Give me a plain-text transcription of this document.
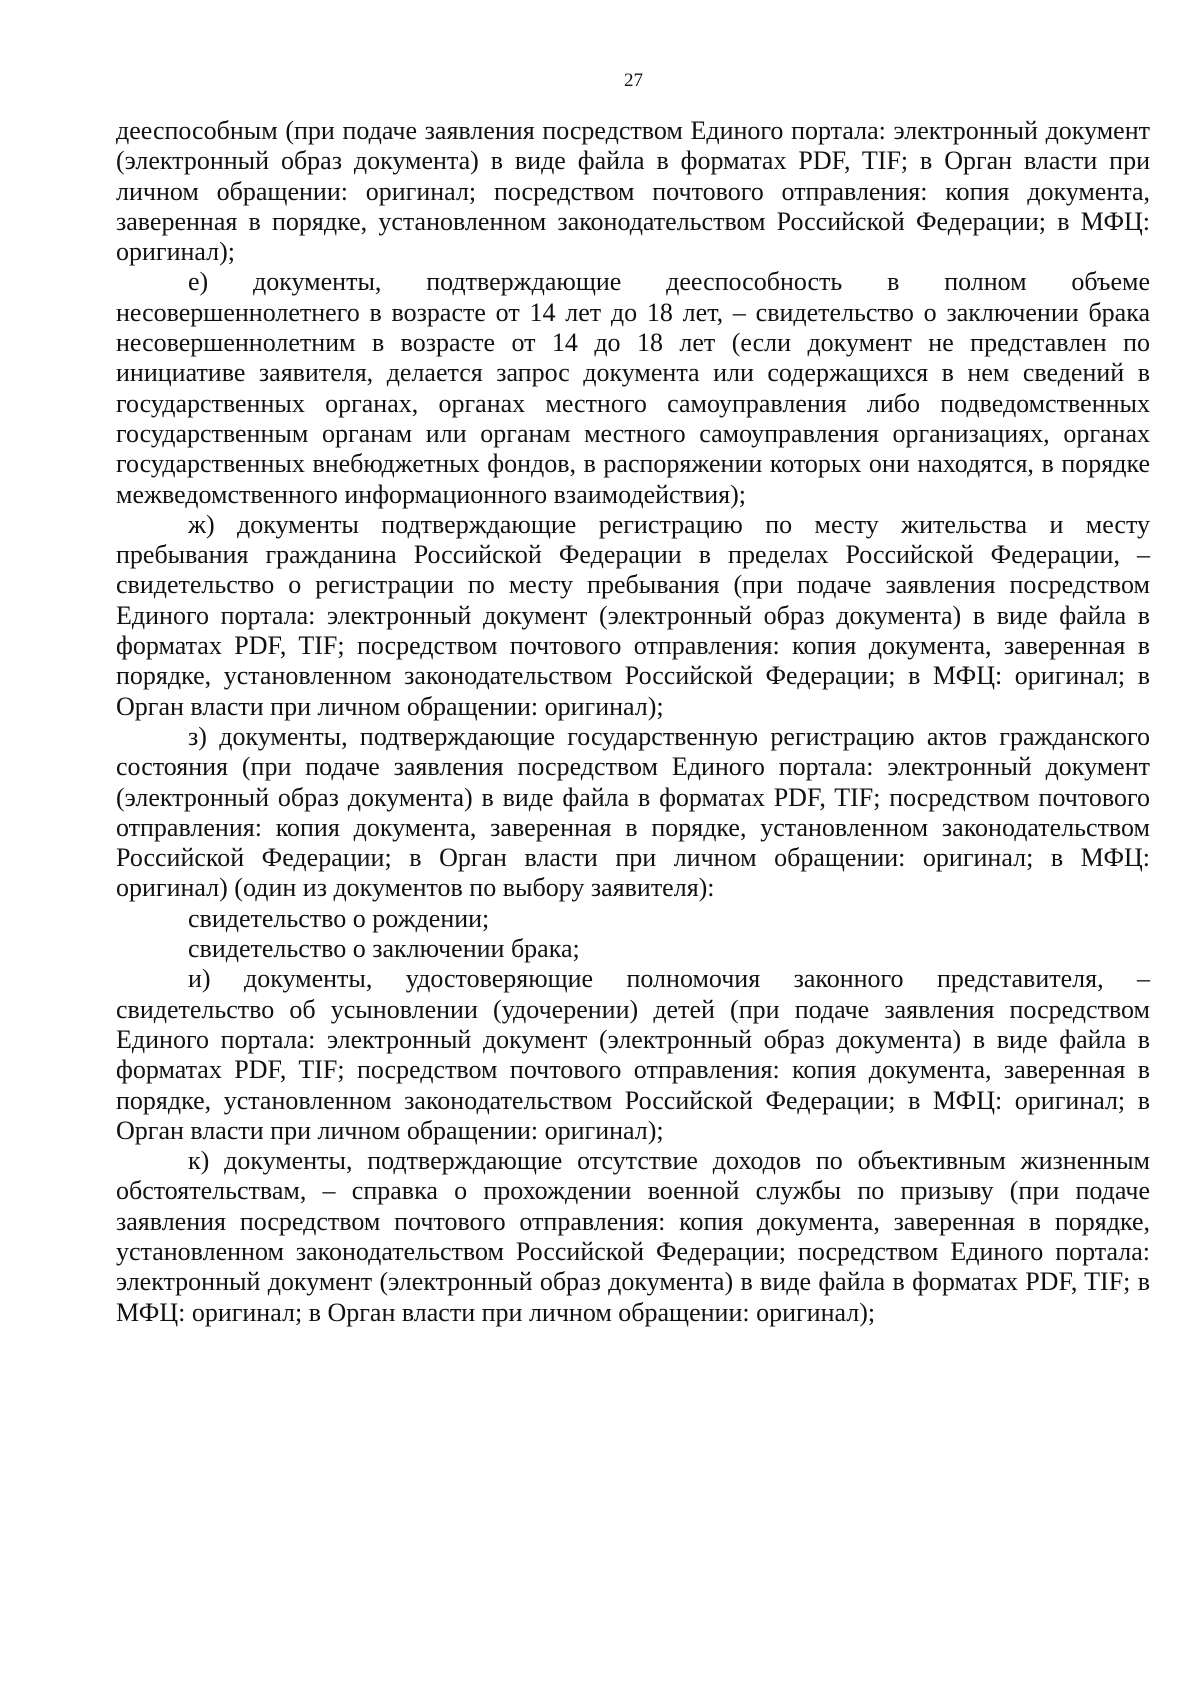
27

дееспособным (при подаче заявления посредством Единого портала: электронный документ (электронный образ документа) в виде файла в форматах PDF, TIF; в Орган власти при личном обращении: оригинал; посредством почтового отправления: копия документа, заверенная в порядке, установленном законодательством Российской Федерации; в МФЦ: оригинал);

е) документы, подтверждающие дееспособность в полном объеме несовершеннолетнего в возрасте от 14 лет до 18 лет, – свидетельство о заключении брака несовершеннолетним в возрасте от 14 до 18 лет (если документ не представлен по инициативе заявителя, делается запрос документа или содержащихся в нем сведений в государственных органах, органах местного самоуправления либо подведомственных государственным органам или органам местного самоуправления организациях, органах государственных внебюджетных фондов, в распоряжении которых они находятся, в порядке межведомственного информационного взаимодействия);

ж) документы подтверждающие регистрацию по месту жительства и месту пребывания гражданина Российской Федерации в пределах Российской Федерации, – свидетельство о регистрации по месту пребывания (при подаче заявления посредством Единого портала: электронный документ (электронный образ документа) в виде файла в форматах PDF, TIF; посредством почтового отправления: копия документа, заверенная в порядке, установленном законодательством Российской Федерации; в МФЦ: оригинал; в Орган власти при личном обращении: оригинал);

з) документы, подтверждающие государственную регистрацию актов гражданского состояния (при подаче заявления посредством Единого портала: электронный документ (электронный образ документа) в виде файла в форматах PDF, TIF; посредством почтового отправления: копия документа, заверенная в порядке, установленном законодательством Российской Федерации; в Орган власти при личном обращении: оригинал; в МФЦ: оригинал) (один из документов по выбору заявителя):

свидетельство о рождении;

свидетельство о заключении брака;

и) документы, удостоверяющие полномочия законного представителя, – свидетельство об усыновлении (удочерении) детей (при подаче заявления посредством Единого портала: электронный документ (электронный образ документа) в виде файла в форматах PDF, TIF; посредством почтового отправления: копия документа, заверенная в порядке, установленном законодательством Российской Федерации; в МФЦ: оригинал; в Орган власти при личном обращении: оригинал);

к) документы, подтверждающие отсутствие доходов по объективным жизненным обстоятельствам, – справка о прохождении военной службы по призыву (при подаче заявления посредством почтового отправления: копия документа, заверенная в порядке, установленном законодательством Российской Федерации; посредством Единого портала: электронный документ (электронный образ документа) в виде файла в форматах PDF, TIF; в МФЦ: оригинал; в Орган власти при личном обращении: оригинал);
